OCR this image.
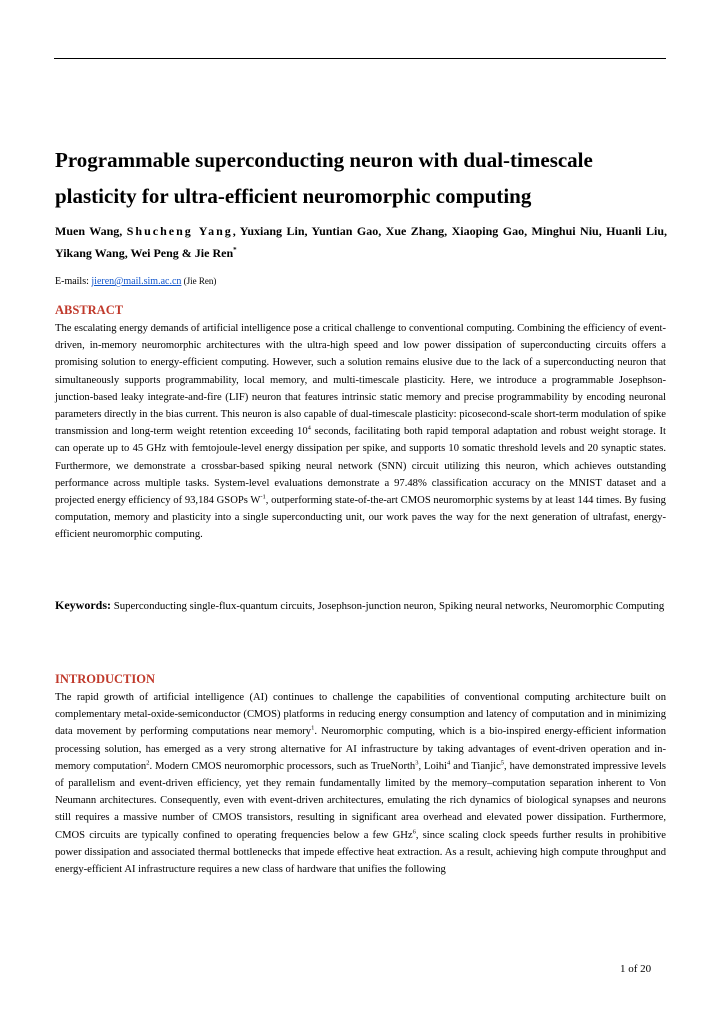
Programmable superconducting neuron with dual-timescale plasticity for ultra-efficient neuromorphic computing

Muen Wang, Shucheng Yang, Yuxiang Lin, Yuntian Gao, Xue Zhang, Xiaoping Gao, Minghui Niu, Huanli Liu, Yikang Wang, Wei Peng & Jie Ren*

E-mails: jieren@mail.sim.ac.cn (Jie Ren)

ABSTRACT

The escalating energy demands of artificial intelligence pose a critical challenge to conventional computing. Combining the efficiency of event-driven, in-memory neuromorphic architectures with the ultra-high speed and low power dissipation of superconducting circuits offers a promising solution to energy-efficient computing. However, such a solution remains elusive due to the lack of a superconducting neuron that simultaneously supports programmability, local memory, and multi-timescale plasticity. Here, we introduce a programmable Josephson-junction-based leaky integrate-and-fire (LIF) neuron that features intrinsic static memory and precise programmability by encoding neuronal parameters directly in the bias current. This neuron is also capable of dual-timescale plasticity: picosecond-scale short-term modulation of spike transmission and long-term weight retention exceeding $10^4$ seconds, facilitating both rapid temporal adaptation and robust weight storage. It can operate up to 45 GHz with femtojoule-level energy dissipation per spike, and supports 10 somatic threshold levels and 20 synaptic states. Furthermore, we demonstrate a crossbar-based spiking neural network (SNN) circuit utilizing this neuron, which achieves outstanding performance across multiple tasks. System-level evaluations demonstrate a 97.48% classification accuracy on the MNIST dataset and a projected energy efficiency of 93,184 GSOPs $W^{-1}$, outperforming state-of-the-art CMOS neuromorphic systems by at least 144 times. By fusing computation, memory and plasticity into a single superconducting unit, our work paves the way for the next generation of ultrafast, energy-efficient neuromorphic computing.

Keywords: Superconducting single-flux-quantum circuits, Josephson-junction neuron, Spiking neural networks, Neuromorphic Computing

INTRODUCTION

The rapid growth of artificial intelligence (AI) continues to challenge the capabilities of conventional computing architecture built on complementary metal-oxide-semiconductor (CMOS) platforms in reducing energy consumption and latency of computation and in minimizing data movement by performing computations near memory$^1$. Neuromorphic computing, which is a bio-inspired energy-efficient information processing solution, has emerged as a very strong alternative for AI infrastructure by taking advantages of event-driven operation and in-memory computation$^2$. Modern CMOS neuromorphic processors, such as TrueNorth$^3$, Loihi$^4$ and Tianjic$^5$, have demonstrated impressive levels of parallelism and event-driven efficiency, yet they remain fundamentally limited by the memory–computation separation inherent to Von Neumann architectures. Consequently, even with event-driven architectures, emulating the rich dynamics of biological synapses and neurons still requires a massive number of CMOS transistors, resulting in significant area overhead and elevated power dissipation. Furthermore, CMOS circuits are typically confined to operating frequencies below a few GHz$^6$, since scaling clock speeds further results in prohibitive power dissipation and associated thermal bottlenecks that impede effective heat extraction. As a result, achieving high compute throughput and energy-efficient AI infrastructure requires a new class of hardware that unifies the following

1 of 20
